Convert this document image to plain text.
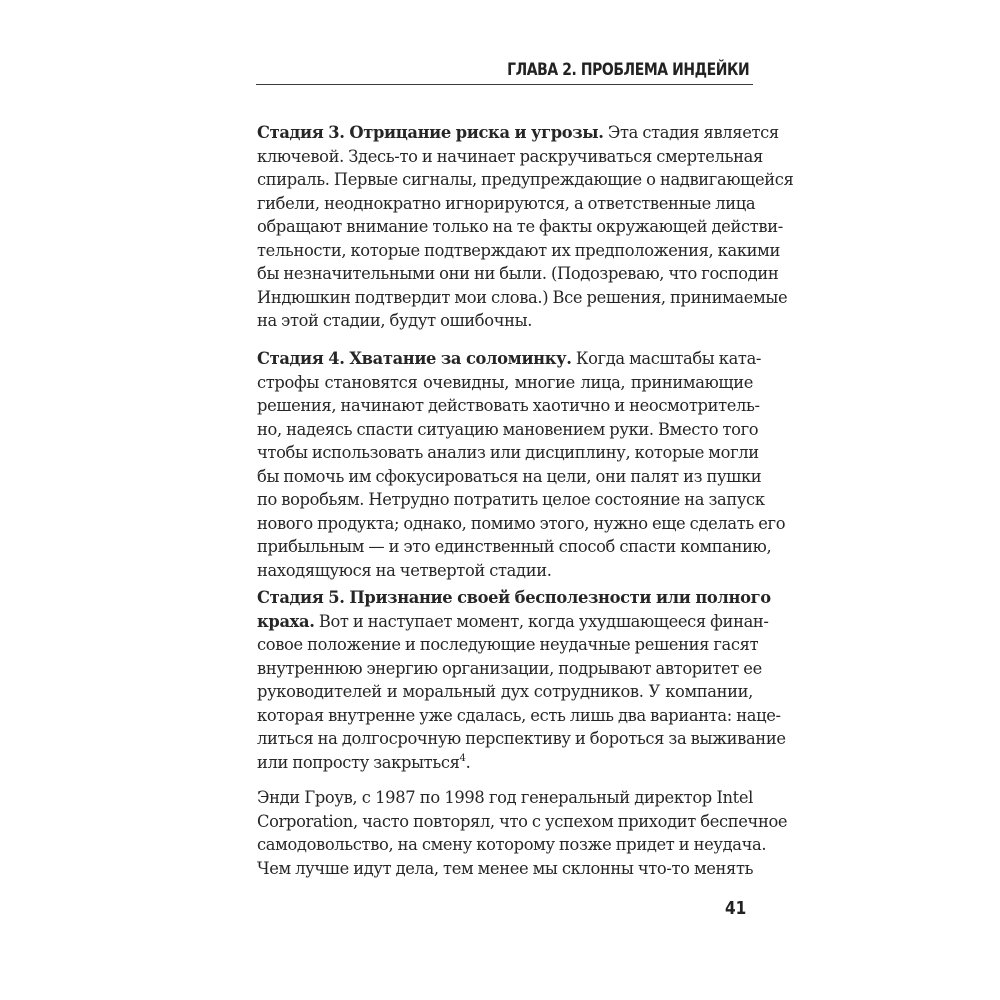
ГЛАВА 2. ПРОБЛЕМА ИНДЕЙКИ
Стадия 3. Отрицание риска и угрозы. Эта стадия является
ключевой. Здесь-то и начинает раскручиваться смертельная
спираль. Первые сигналы, предупреждающие о надвигающейся
гибели, неоднократно игнорируются, а ответственные лица
обращают внимание только на те факты окружающей действи-
тельности, которые подтверждают их предположения, какими
бы незначительными они ни были. (Подозреваю, что господин
Индюшкин подтвердит мои слова.) Все решения, принимаемые
на этой стадии, будут ошибочны.
Стадия 4. Хватание за соломинку. Когда масштабы ката-
строфы становятся очевидны, многие лица, принимающие
решения, начинают действовать хаотично и неосмотритель-
но, надеясь спасти ситуацию мановением руки. Вместо того
чтобы использовать анализ или дисциплину, которые могли
бы помочь им сфокусироваться на цели, они палят из пушки
по воробьям. Нетрудно потратить целое состояние на запуск
нового продукта; однако, помимо этого, нужно еще сделать его
прибыльным — и это единственный способ спасти компанию,
находящуюся на четвертой стадии.
Стадия 5. Признание своей бесполезности или полного
краха. Вот и наступает момент, когда ухудшающееся финан-
совое положение и последующие неудачные решения гасят
внутреннюю энергию организации, подрывают авторитет ее
руководителей и моральный дух сотрудников. У компании,
которая внутренне уже сдалась, есть лишь два варианта: наце-
литься на долгосрочную перспективу и бороться за выживание
или попросту закрыться$^4$.
Энди Гроув, с 1987 по 1998 год генеральный директор Intel
Corporation, часто повторял, что с успехом приходит беспечное
самодовольство, на смену которому позже придет и неудача.
Чем лучше идут дела, тем менее мы склонны что-то менять
41
